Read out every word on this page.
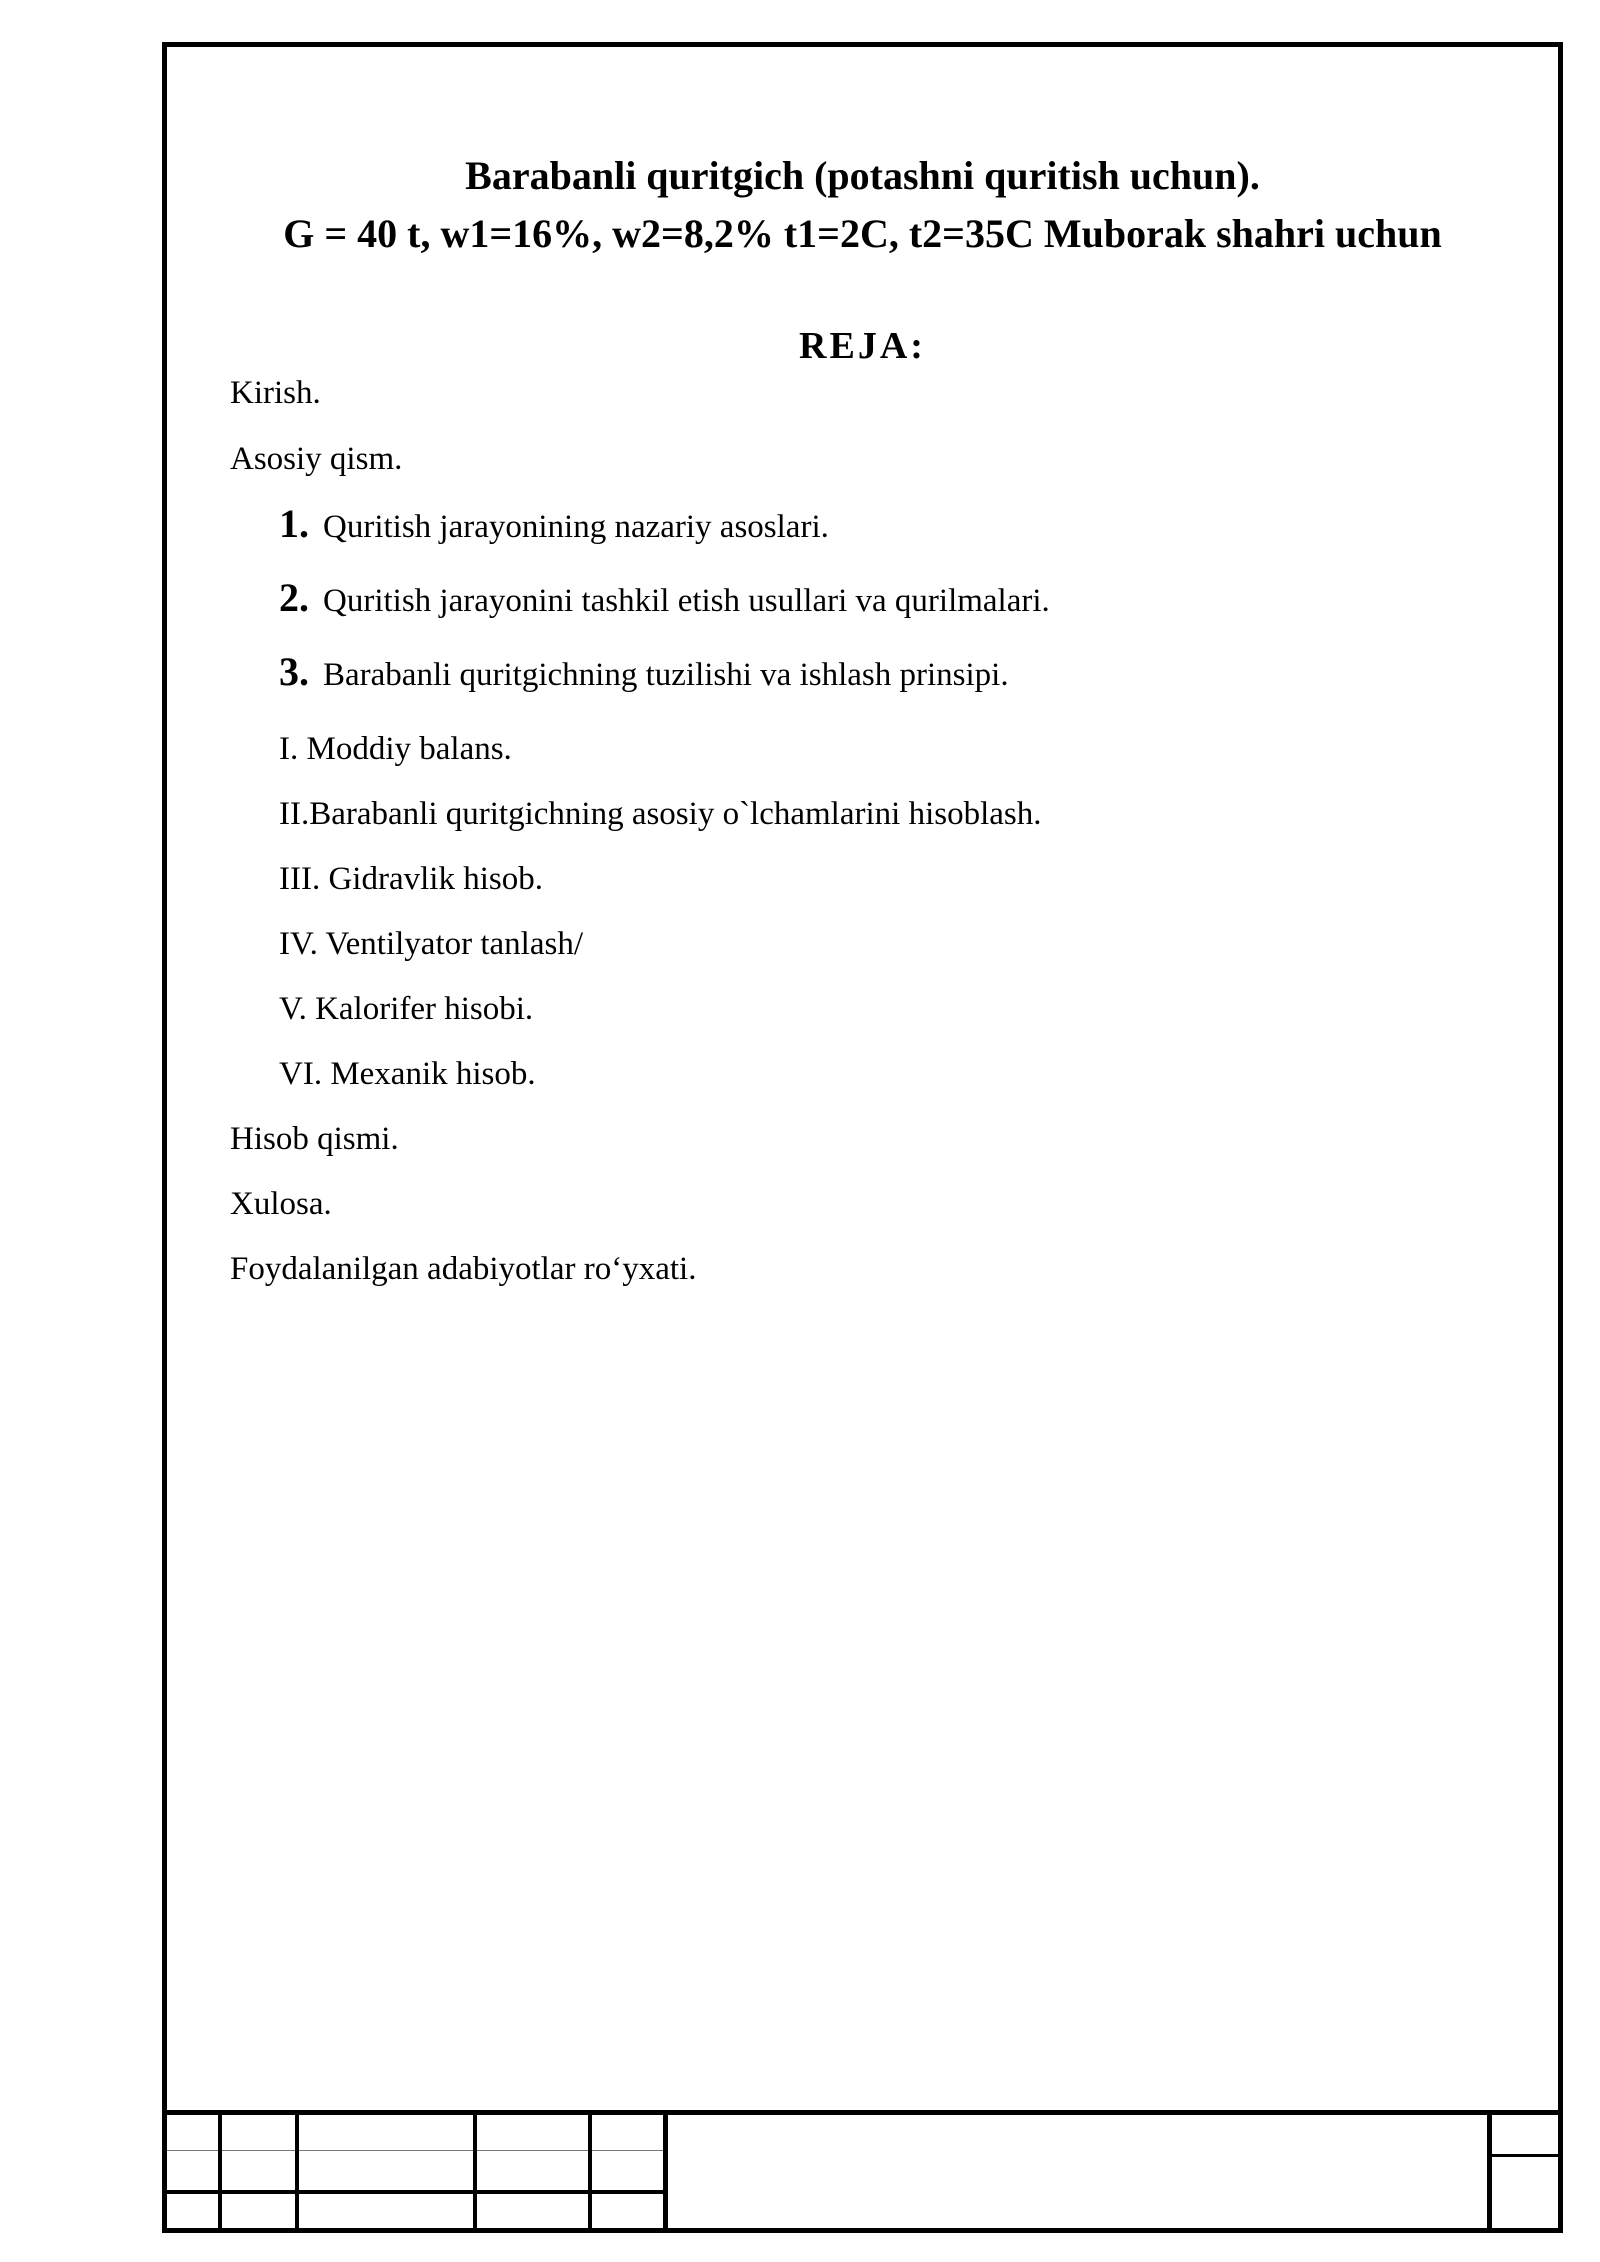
Barabanli quritgich (potashni quritish uchun).
G = 40 t, w1=16%, w2=8,2% t1=2C, t2=35C Muborak shahri uchun
REJA:
Kirish.
Asosiy qism.
1. Quritish jarayonining nazariy asoslari.
2. Quritish jarayonini tashkil etish usullari va qurilmalari.
3. Barabanli quritgichning tuzilishi va ishlash prinsipi.
I. Moddiy balans.
II.Barabanli quritgichning asosiy o`lchamlarini hisoblash.
III. Gidravlik hisob.
IV. Ventilyator tanlash/
V. Kalorifer hisobi.
VI. Mexanik hisob.
Hisob qismi.
Xulosa.
Foydalanilgan adabiyotlar ro‘yxati.
